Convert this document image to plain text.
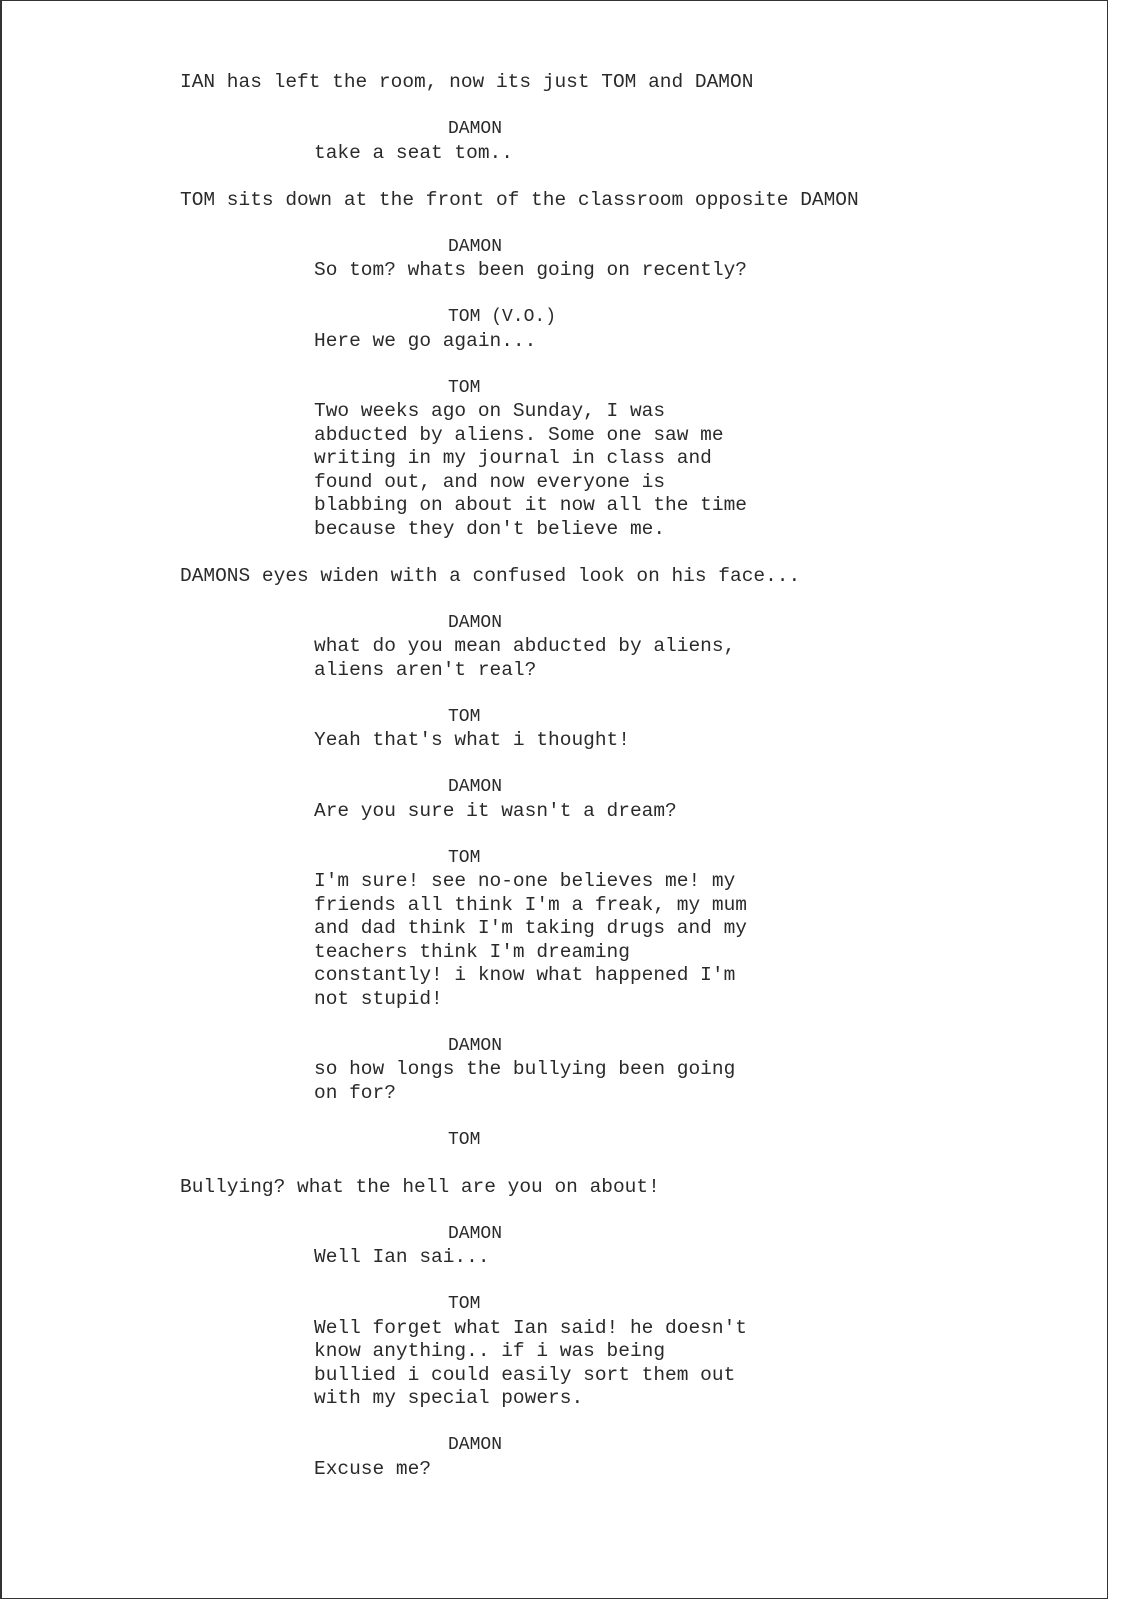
IAN has left the room, now its just TOM and DAMON
DAMON
take a seat tom..
TOM sits down at the front of the classroom opposite DAMON
DAMON
So tom? whats been going on recently?
TOM (V.O.)
Here we go again...
TOM
Two weeks ago on Sunday, I was
abducted by aliens. Some one saw me
writing in my journal in class and
found out, and now everyone is
blabbing on about it now all the time
because they don't believe me.
DAMONS eyes widen with a confused look on his face...
DAMON
what do you mean abducted by aliens,
aliens aren't real?
TOM
Yeah that's what i thought!
DAMON
Are you sure it wasn't a dream?
TOM
I'm sure! see no-one believes me! my
friends all think I'm a freak, my mum
and dad think I'm taking drugs and my
teachers think I'm dreaming
constantly! i know what happened I'm
not stupid!
DAMON
so how longs the bullying been going
on for?
TOM
Bullying? what the hell are you on about!
DAMON
Well Ian sai...
TOM
Well forget what Ian said! he doesn't
know anything.. if i was being
bullied i could easily sort them out
with my special powers.
DAMON
Excuse me?
